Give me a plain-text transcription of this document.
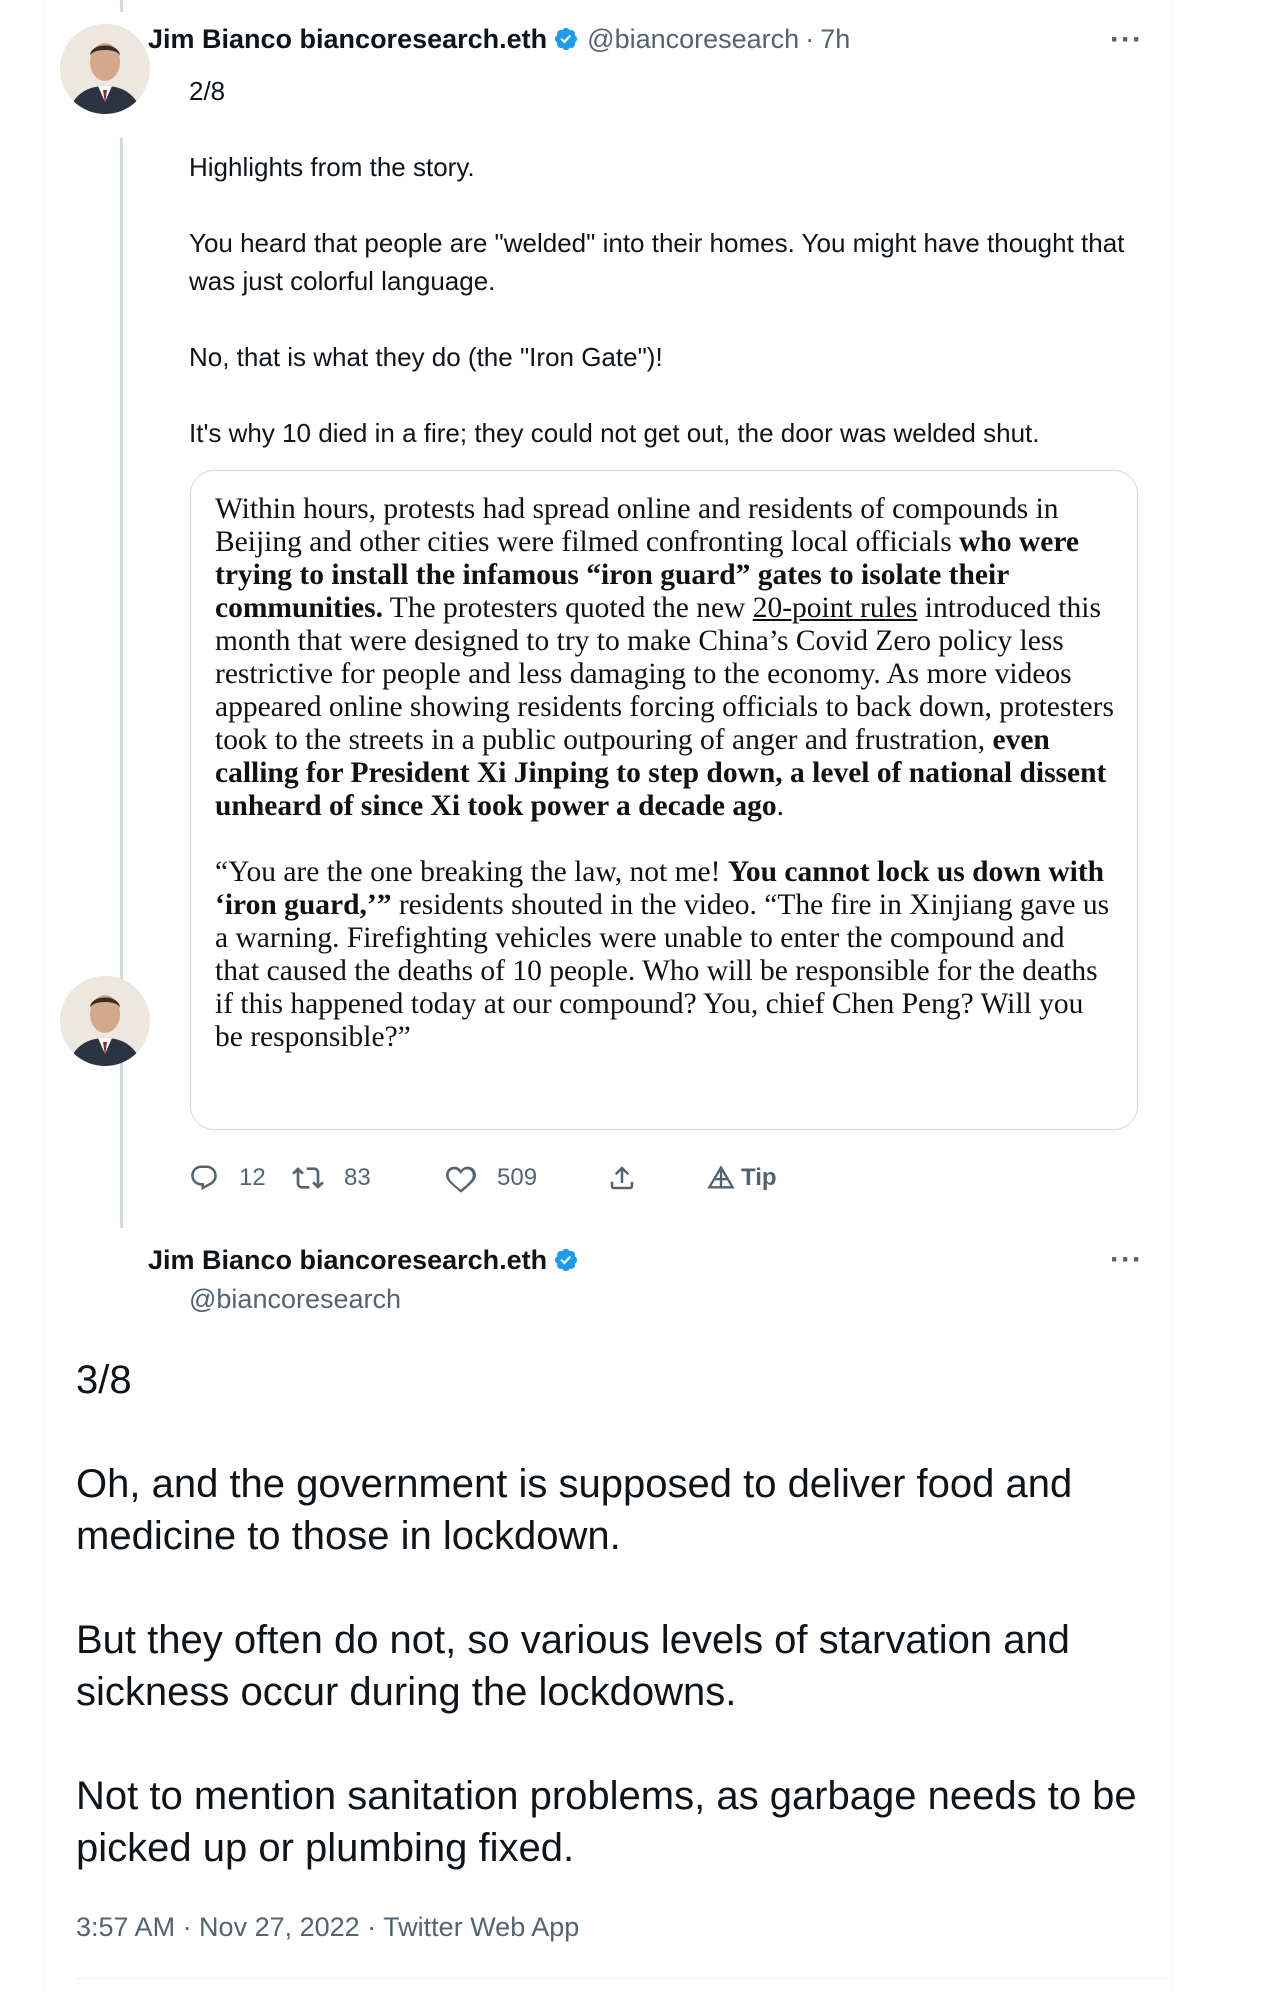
Jim Bianco biancoresearch.eth @biancoresearch · 7h	···
2/8

Highlights from the story.

You heard that people are "welded" into their homes. You might have thought that was just colorful language.

No, that is what they do (the "Iron Gate")!

It's why 10 died in a fire; they could not get out, the door was welded shut.

Within hours, protests had spread online and residents of compounds in Beijing and other cities were filmed confronting local officials who were trying to install the infamous “iron guard” gates to isolate their communities. The protesters quoted the new 20-point rules introduced this month that were designed to try to make China’s Covid Zero policy less restrictive for people and less damaging to the economy. As more videos appeared online showing residents forcing officials to back down, protesters took to the streets in a public outpouring of anger and frustration, even calling for President Xi Jinping to step down, a level of national dissent unheard of since Xi took power a decade ago.

“You are the one breaking the law, not me! You cannot lock us down with ‘iron guard,’” residents shouted in the video. “The fire in Xinjiang gave us a warning. Firefighting vehicles were unable to enter the compound and that caused the deaths of 10 people. Who will be responsible for the deaths if this happened today at our compound? You, chief Chen Peng? Will you be responsible?”

12	83	509	Tip
Jim Bianco biancoresearch.eth	···
@biancoresearch
3/8

Oh, and the government is supposed to deliver food and medicine to those in lockdown.

But they often do not, so various levels of starvation and sickness occur during the lockdowns.

Not to mention sanitation problems, as garbage needs to be picked up or plumbing fixed.
3:57 AM · Nov 27, 2022 · Twitter Web App
